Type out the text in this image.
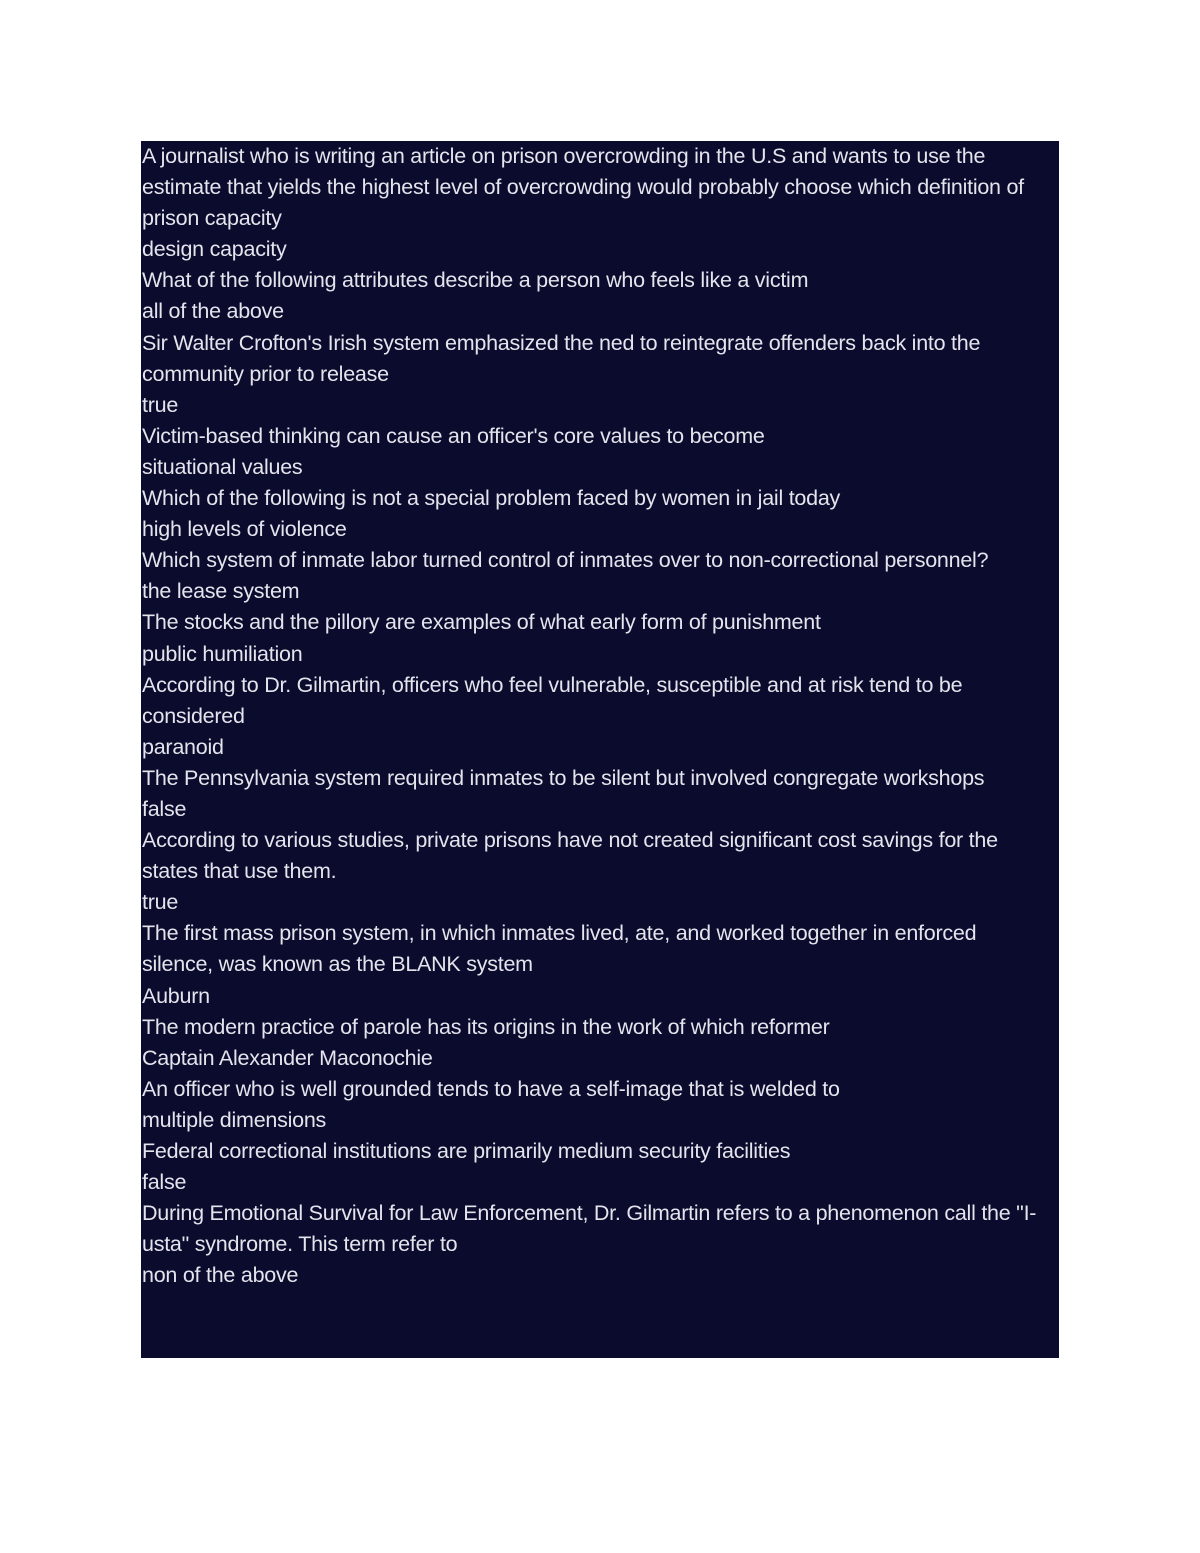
A journalist who is writing an article on prison overcrowding in the U.S and wants to use the estimate that yields the highest level of overcrowding would probably choose which definition of prison capacity

design capacity

What of the following attributes describe a person who feels like a victim

all of the above

Sir Walter Crofton's Irish system emphasized the ned to reintegrate offenders back into the community prior to release

true

Victim-based thinking can cause an officer's core values to become

situational values

Which of the following is not a special problem faced by women in jail today

high levels of violence

Which system of inmate labor turned control of inmates over to non-correctional personnel?

the lease system

The stocks and the pillory are examples of what early form of punishment

public humiliation

According to Dr. Gilmartin, officers who feel vulnerable, susceptible and at risk tend to be considered

paranoid

The Pennsylvania system required inmates to be silent but involved congregate workshops

false

According to various studies, private prisons have not created significant cost savings for the states that use them.

true

The first mass prison system, in which inmates lived, ate, and worked together in enforced silence, was known as the BLANK system

Auburn

The modern practice of parole has its origins in the work of which reformer

Captain Alexander Maconochie

An officer who is well grounded tends to have a self-image that is welded to

multiple dimensions

Federal correctional institutions are primarily medium security facilities

false

During Emotional Survival for Law Enforcement, Dr. Gilmartin refers to a phenomenon call the "I-usta" syndrome. This term refer to

non of the above
